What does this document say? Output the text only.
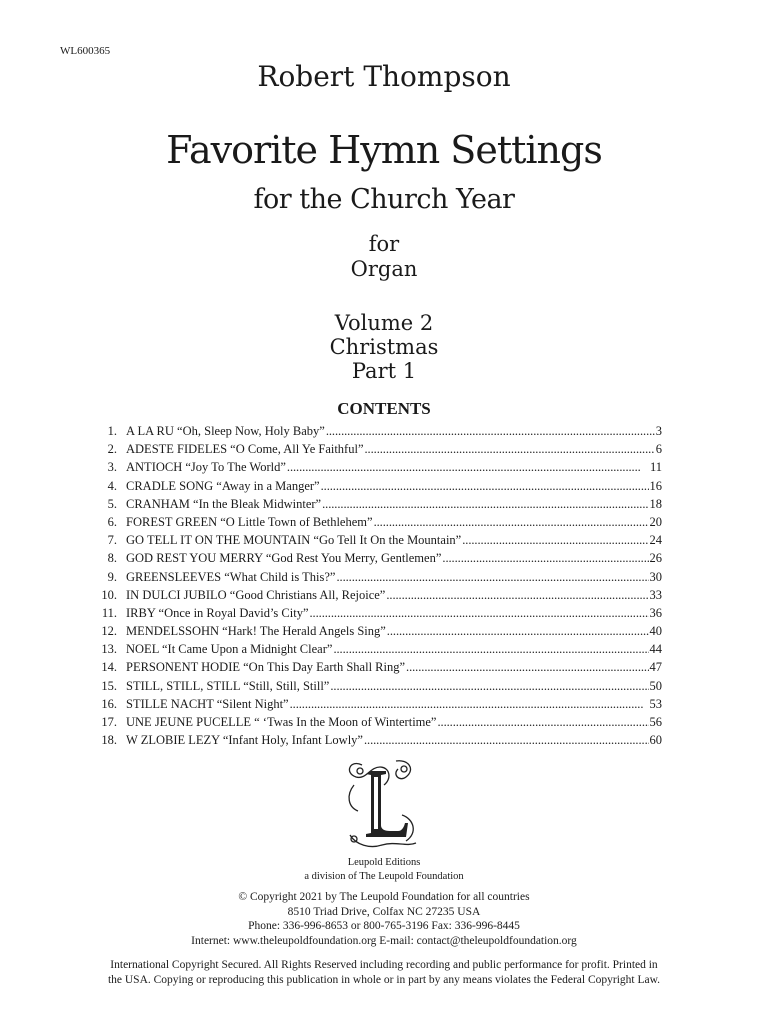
WL600365
Robert Thompson
Favorite Hymn Settings
for the Church Year
for
Organ
Volume 2
Christmas
Part 1
CONTENTS
1. A LA RU “Oh, Sleep Now, Holy Baby” . . .	3
2. ADESTE FIDELES “O Come, All Ye Faithful” . . .	6
3. ANTIOCH “Joy To The World” . . .	11
4. CRADLE SONG “Away in a Manger” . . .	16
5. CRANHAM “In the Bleak Midwinter” . . .	18
6. FOREST GREEN “O Little Town of Bethlehem” . . .	20
7. GO TELL IT ON THE MOUNTAIN “Go Tell It On the Mountain” . . .	24
8. GOD REST YOU MERRY “God Rest You Merry, Gentlemen” . . .	26
9. GREENSLEEVES “What Child is This?” . . .	30
10. IN DULCI JUBILO “Good Christians All, Rejoice” . . .	33
11. IRBY “Once in Royal David’s City” . . .	36
12. MENDELSSOHN “Hark! The Herald Angels Sing” . . .	40
13. NOEL “It Came Upon a Midnight Clear” . . .	44
14. PERSONENT HODIE “On This Day Earth Shall Ring” . . .	47
15. STILL, STILL, STILL “Still, Still, Still” . . .	50
16. STILLE NACHT “Silent Night” . . .	53
17. UNE JEUNE PUCELLE “ ‘Twas In the Moon of Wintertime” . . .	56
18. W ZLOBIE LEZY “Infant Holy, Infant Lowly” . . .	60
L
Leupold Editions
a division of The Leupold Foundation
© Copyright 2021 by The Leupold Foundation for all countries
8510 Triad Drive, Colfax NC 27235 USA
Phone: 336-996-8653 or 800-765-3196 Fax: 336-996-8445
Internet: www.theleupoldfoundation.org E-mail: contact@theleupoldfoundation.org
International Copyright Secured. All Rights Reserved including recording and public performance for profit. Printed in
the USA. Copying or reproducing this publication in whole or in part by any means violates the Federal Copyright Law.
